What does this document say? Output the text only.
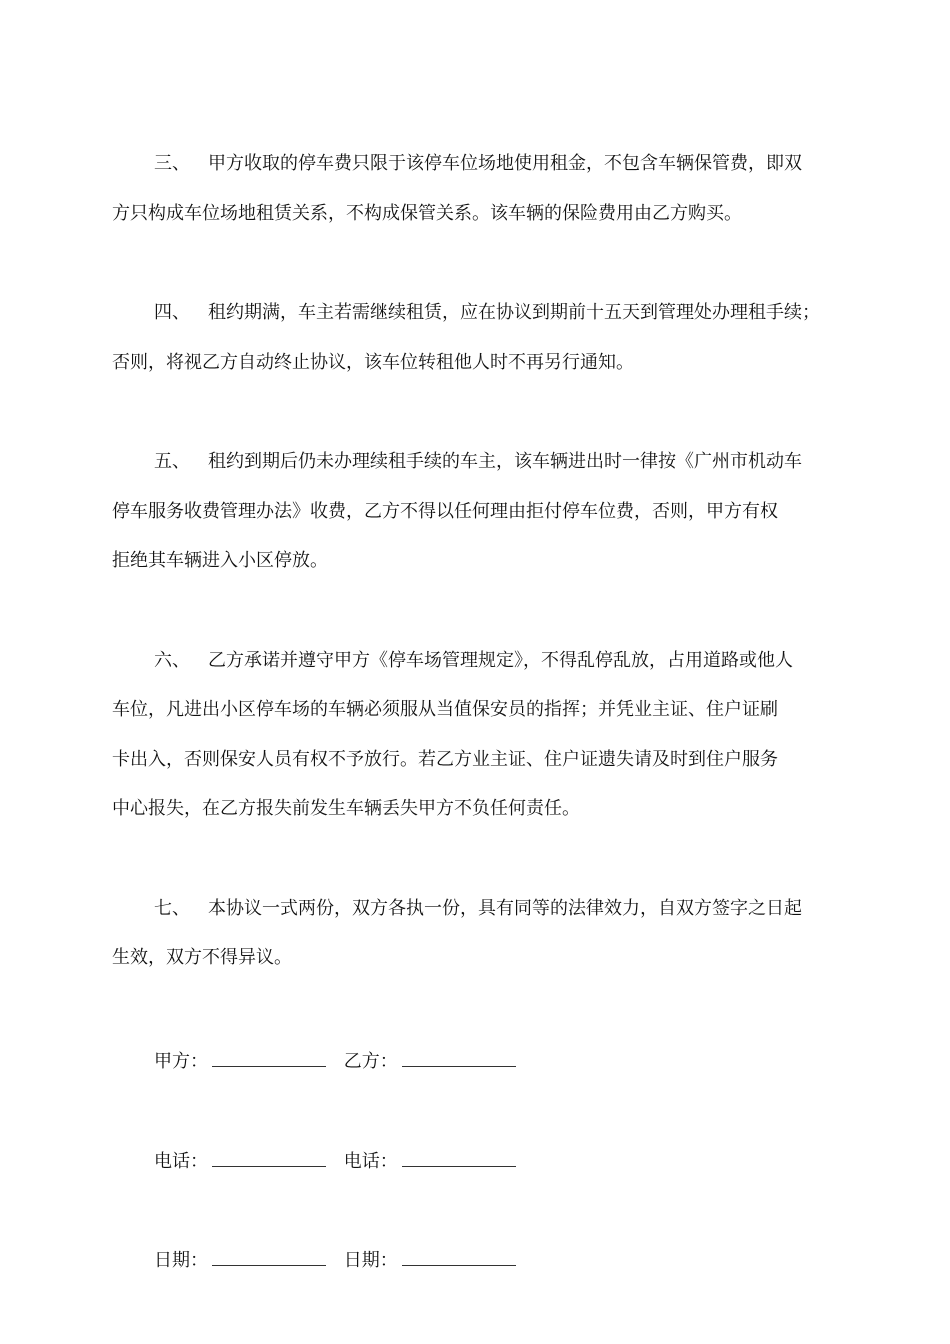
三、 甲方收取的停车费只限于该停车位场地使用租金，不包含车辆保管费，即双
方只构成车位场地租赁关系，不构成保管关系。该车辆的保险费用由乙方购买。
四、 租约期满，车主若需继续租赁，应在协议到期前十五天到管理处办理租手续；
否则，将视乙方自动终止协议，该车位转租他人时不再另行通知。
五、 租约到期后仍未办理续租手续的车主，该车辆进出时一律按《广州市机动车
停车服务收费管理办法》收费，乙方不得以任何理由拒付停车位费，否则，甲方有权
拒绝其车辆进入小区停放。
六、 乙方承诺并遵守甲方《停车场管理规定》，不得乱停乱放，占用道路或他人
车位，凡进出小区停车场的车辆必须服从当值保安员的指挥；并凭业主证、住户证刷
卡出入，否则保安人员有权不予放行。若乙方业主证、住户证遗失请及时到住户服务
中心报失，在乙方报失前发生车辆丢失甲方不负任何责任。
七、 本协议一式两份，双方各执一份，具有同等的法律效力，自双方签字之日起
生效，双方不得异议。
甲方：	乙方：
电话：	电话：
日期：	日期：
